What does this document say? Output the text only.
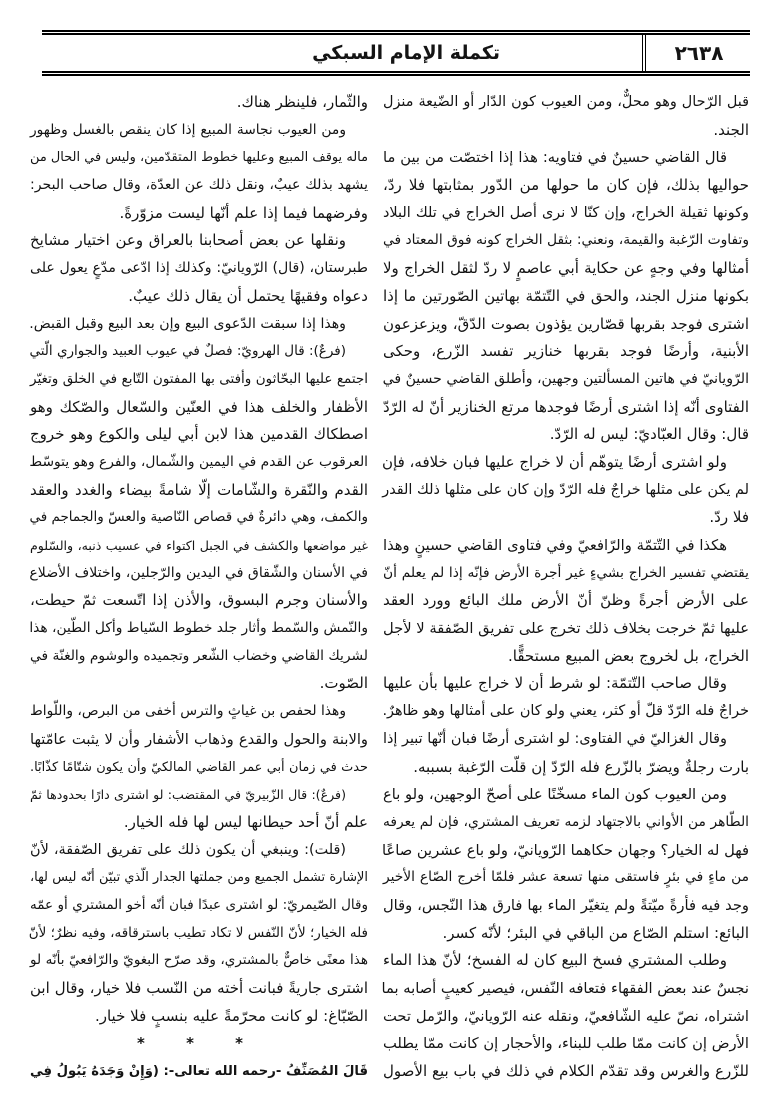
تكملة الإمام السبكي	٢٦٣٨
قبل الرّحال وهو محلٌّ، ومن العيوب كون الدّار أو الضّيعة منزل
الجند.
قال القاضي حسينٌ في فتاويه: هذا إذا اختصّت من بين ما
حواليها بذلك، فإن كان ما حولها من الدّور بمثابتها فلا ردّ،
وكونها ثقيلة الخراج، وإن كنّا لا نرى أصل الخراج في تلك البلاد
وتفاوت الرّغبة والقيمة، ونعني: بثقل الخراج كونه فوق المعتاد في
أمثالها وفي وجهٍ عن حكاية أبي عاصمٍ لا ردّ لثقل الخراج ولا
بكونها منزل الجند، والحق في التّتمّة بهاتين الصّورتين ما إذا
اشترى فوجد بقربها قصّارين يؤذون بصوت الدّقّ، ويزعزعون
الأبنية، وأرضًا فوجد بقربها خنازير تفسد الزّرع، وحكى
الرّويانيّ في هاتين المسألتين وجهين، وأطلق القاضي حسينٌ في
الفتاوى أنّه إذا اشترى أرضًا فوجدها مرتع الخنازير أنّ له الرّدّ
قال: وقال العبّاديّ: ليس له الرّدّ.
ولو اشترى أرضًا يتوهّم أن لا خراج عليها فبان خلافه، فإن
لم يكن على مثلها خراجٌ فله الرّدّ وإن كان على مثلها ذلك القدر
فلا ردّ.
هكذا في التّتمّة والرّافعيّ وفي فتاوى القاضي حسينٍ وهذا
يقتضي تفسير الخراج بشيءٍ غير أجرة الأرض فإنّه إذا لم يعلم أنّ
على الأرض أجرةً وظنّ أنّ الأرض ملك البائع وورد العقد
عليها ثمّ خرجت بخلاف ذلك تخرج على تفريق الصّفقة لا لأجل
الخراج، بل لخروج بعض المبيع مستحقًّا.
وقال صاحب التّتمّة: لو شرط أن لا خراج عليها بأن عليها
خراجٌ فله الرّدّ قلّ أو كثر، يعني ولو كان على أمثالها وهو ظاهرٌ.
وقال الغزاليّ في الفتاوى: لو اشترى أرضًا فبان أنّها تبير إذا
بارت رجلةٌ ويضرّ بالزّرع فله الرّدّ إن قلّت الرّغبة بسببه.
ومن العيوب كون الماء مسخّنًا على أصحّ الوجهين، ولو باع
الطّاهر من الأواني بالاجتهاد لزمه تعريف المشتري، فإن لم يعرفه
فهل له الخيار؟ وجهان حكاهما الرّويانيّ، ولو باع عشرين صاعًا
من ماءٍ في بئرٍ فاستقى منها تسعة عشر فلمّا أخرج الصّاع الأخير
وجد فيه فأرةً ميّتةً ولم يتغيّر الماء بها فارق هذا النّجس، وقال
البائع: استلم الصّاع من الباقي في البئر؛ لأنّه كسر.
وطلب المشتري فسخ البيع كان له الفسخ؛ لأنّ هذا الماء
نجسٌ عند بعض الفقهاء فتعافه النّفس، فيصير كعيبٍ أصابه بما
اشتراه، نصّ عليه الشّافعيّ، ونقله عنه الرّويانيّ، والرّمل تحت
الأرض إن كانت ممّا طلب للبناء، والأحجار إن كانت ممّا يطلب
للزّرع والغرس وقد تقدّم الكلام في ذلك في باب بيع الأصول
والثّمار، فلينظر هناك.
ومن العيوب نجاسة المبيع إذا كان ينقص بالغسل وظهور
ماله يوقف المبيع وعليها خطوط المتقدّمين، وليس في الحال من
يشهد بذلك عيبٌ، ونقل ذلك عن العدّة، وقال صاحب البحر:
وفرضهما فيما إذا علم أنّها ليست مزوّرةً.
ونقلها عن بعض أصحابنا بالعراق وعن اختيار مشايخ
طبرستان، (قال) الرّويانيّ: وكذلك إذا ادّعى مدّعٍ يعول على
دعواه وفقيهًا يحتمل أن يقال ذلك عيبٌ.
وهذا إذا سبقت الدّعوى البيع وإن بعد البيع وقبل القبض.
(فرعٌ): قال الهرويّ: فصلٌ في عيوب العبيد والجواري الّتي
اجتمع عليها البحّاثون وأفتى بها المفتون التّابع في الخلق وتغيّر
الأظفار والخلف هذا في العنّين والسّعال والصّكك وهو
اصطكاك القدمين هذا لابن أبي ليلى والكوع وهو خروج
العرقوب عن القدم في اليمين والشّمال، والفرع وهو يتوسّط
القدم والنّقرة والشّامات إلّا شامةً بيضاء والغدد والعقد
والكمف، وهي دائرةٌ في قصاص النّاصية والعسّ والجماجم في
غير مواضعها والكشف في الجبل اكتواء في عسيب ذنبه، والسّلوم
في الأسنان والشّقاق في اليدين والرّجلين، واختلاف الأضلاع
والأسنان وجرم البسوق، والأذن إذا اتّسعت ثمّ حيطت،
والنّمش والسّمط وأثار جلد خطوط السّياط وأكل الطّين، هذا
لشريك القاضي وخضاب الشّعر وتجميده والوشوم والغنّة في
الصّوت.
وهذا لحفص بن غياثٍ والترس أخفى من البرص، واللّواط
والابنة والحول والقدع وذهاب الأشفار وأن لا يثبت عامّتها
حدث في زمان أبي عمر القاضي المالكيّ وأن يكون شتّامًا كذّابًا.
(فرعٌ): قال الزّبيريّ في المقتضب: لو اشترى دارًا بحدودها ثمّ
علم أنّ أحد حيطانها ليس لها فله الخيار.
(قلت): وينبغي أن يكون ذلك على تفريق الصّفقة، لأنّ
الإشارة تشمل الجميع ومن جملتها الجدار الّذي تبيّن أنّه ليس لها،
وقال الصّيمريّ: لو اشترى عبدًا فبان أنّه أخو المشتري أو عمّه
فله الخيار؛ لأنّ النّفس لا تكاد تطيب باسترقاقه، وفيه نظرٌ؛ لأنّ
هذا معنًى خاصٌّ بالمشتري، وقد صرّح البغويّ والرّافعيّ بأنّه لو
اشترى جاريةً فبانت أخته من النّسب فلا خيار، وقال ابن
الصّبّاغ: لو كانت محرّمةً عليه بنسبٍ فلا خيار.
* * *
قَالَ المُصَنِّفُ -رحمه الله تعالى-: (وَإِنْ وَجَدَهُ يَبُولُ فِي
